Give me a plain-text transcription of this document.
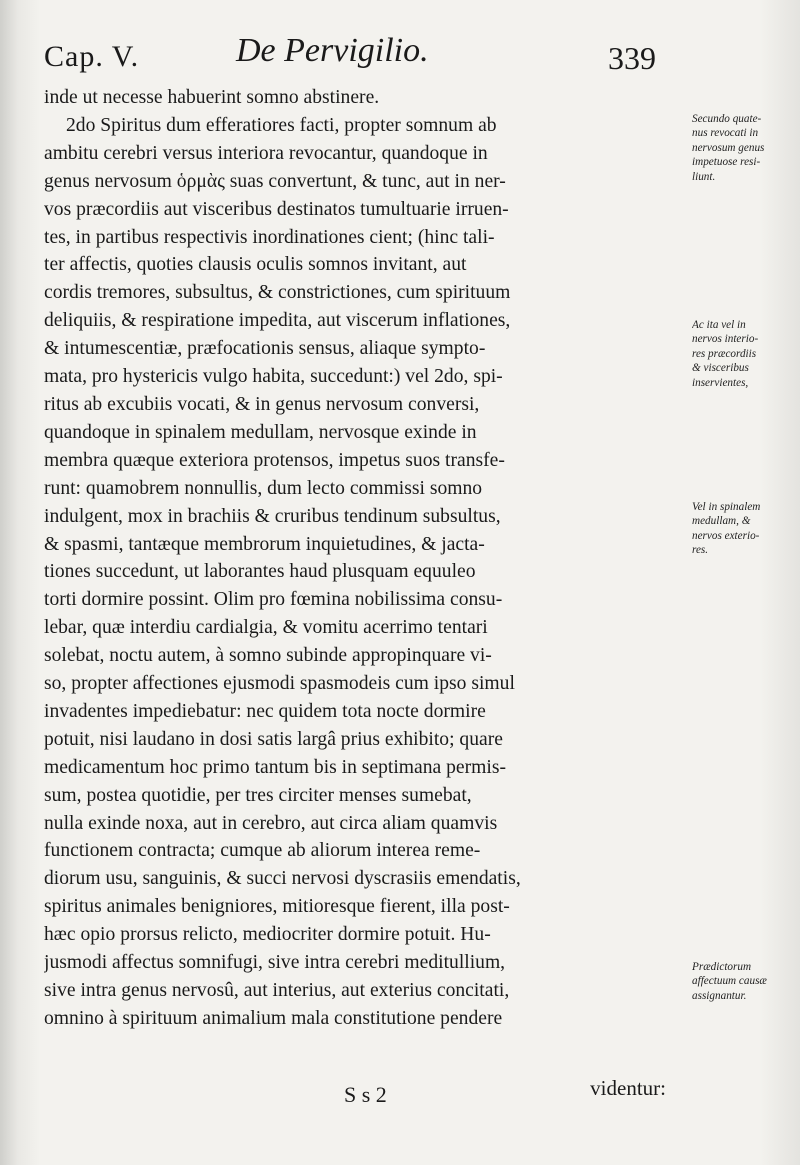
Cap. V.	De Pervigilio.	339
inde ut necesse habuerint somno abstinere.
2do Spiritus dum efferatiores facti, propter somnum ab
ambitu cerebri versus interiora revocantur, quandoque in
genus nervosum ὁρμὰς suas convertunt, & tunc, aut in ner-
vos præcordiis aut visceribus destinatos tumultuarie irruen-
tes, in partibus respectivis inordinationes cient; (hinc tali-
ter affectis, quoties clausis oculis somnos invitant, aut
cordis tremores, subsultus, & constrictiones, cum spirituum
deliquiis, & respiratione impedita, aut viscerum inflationes,
& intumescentiæ, præfocationis sensus, aliaque sympto-
mata, pro hystericis vulgo habita, succedunt:) vel 2do, spi-
ritus ab excubiis vocati, & in genus nervosum conversi,
quandoque in spinalem medullam, nervosque exinde in
membra quæque exteriora protensos, impetus suos transfe-
runt: quamobrem nonnullis, dum lecto commissi somno
indulgent, mox in brachiis & cruribus tendinum subsultus,
& spasmi, tantæque membrorum inquietudines, & jacta-
tiones succedunt, ut laborantes haud plusquam equuleo
torti dormire possint. Olim pro fœmina nobilissima consu-
lebar, quæ interdiu cardialgia, & vomitu acerrimo tentari
solebat, noctu autem, à somno subinde appropinquare vi-
so, propter affectiones ejusmodi spasmodeis cum ipso simul
invadentes impediebatur: nec quidem tota nocte dormire
potuit, nisi laudano in dosi satis largâ prius exhibito; quare
medicamentum hoc primo tantum bis in septimana permis-
sum, postea quotidie, per tres circiter menses sumebat,
nulla exinde noxa, aut in cerebro, aut circa aliam quamvis
functionem contracta; cumque ab aliorum interea reme-
diorum usu, sanguinis, & succi nervosi dyscrasiis emendatis,
spiritus animales benigniores, mitioresque fierent, illa post-
hæc opio prorsus relicto, mediocriter dormire potuit. Hu-
jusmodi affectus somnifugi, sive intra cerebri meditullium,
sive intra genus nervosû, aut interius, aut exterius concitati,
omnino à spirituum animalium mala constitutione pendere
S s 2	videntur:
Secundo quate-
nus revocati in
nervosum genus
impetuose resi-
liunt.
Ac ita vel in
nervos interio-
res præcordiis
& visceribus
inservientes,
Vel in spinalem
medullam, &
nervos exterio-
res.
Prædictorum
affectuum causæ
assignantur.
